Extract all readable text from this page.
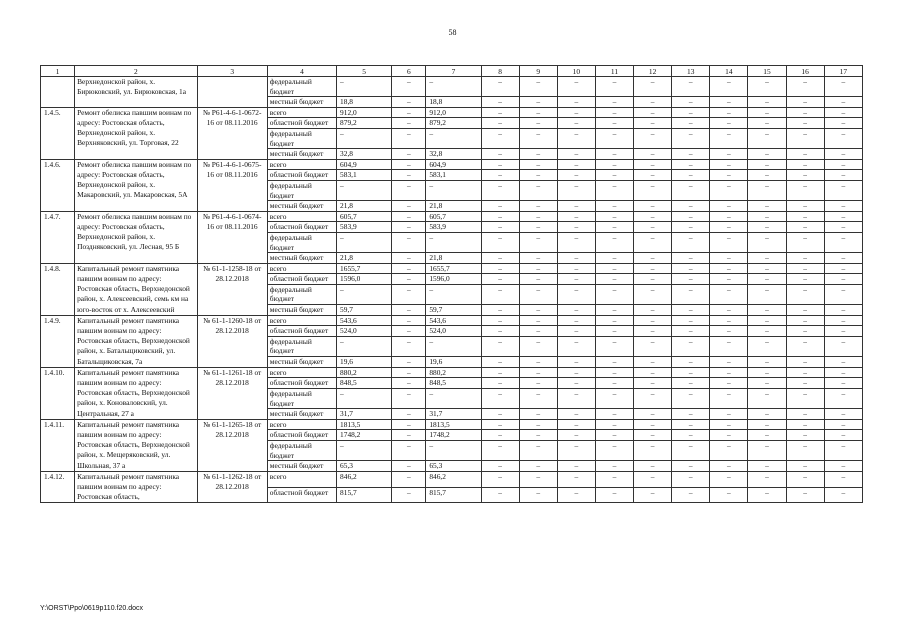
58
1	2	3	4	5	6	7	8	9	10	11	12	13	14	15	16	17
	Верхнедонской район, х. Бирюковский, ул. Бирюковская, 1а		федеральный бюджет	–	–	–	–	–	–	–	–	–	–	–	–	–
			местный бюджет	18,8	–	18,8	–	–	–	–	–	–	–	–	–	–
1.4.5.	Ремонт обелиска павшим воинам по адресу: Ростовская область, Верхнедонской район, х. Верхняковский, ул. Торговая, 22	№ Р61-4-6-1-0672-16 от 08.11.2016	всего	912,0	–	912,0	–	–	–	–	–	–	–	–	–	–
			областной бюджет	879,2	–	879,2	–	–	–	–	–	–	–	–	–	–
			федеральный бюджет	–	–	–	–	–	–	–	–	–	–	–	–	–
			местный бюджет	32,8	–	32,8	–	–	–	–	–	–	–	–	–	–
1.4.6.	Ремонт обелиска павшим воинам по адресу: Ростовская область, Верхнедонской район, х. Макаровский, ул. Макаровская, 5А	№ Р61-4-6-1-0675-16 от 08.11.2016	всего	604,9	–	604,9	–	–	–	–	–	–	–	–	–	–
			областной бюджет	583,1	–	583,1	–	–	–	–	–	–	–	–	–	–
			федеральный бюджет	–	–	–	–	–	–	–	–	–	–	–	–	–
			местный бюджет	21,8	–	21,8	–	–	–	–	–	–	–	–	–	–
1.4.7.	Ремонт обелиска павшим воинам по адресу: Ростовская область, Верхнедонской район, х. Поздняковский, ул. Лесная, 95 Б	№ Р61-4-6-1-0674-16 от 08.11.2016	всего	605,7	–	605,7	–	–	–	–	–	–	–	–	–	–
			областной бюджет	583,9	–	583,9	–	–	–	–	–	–	–	–	–	–
			федеральный бюджет	–	–	–	–	–	–	–	–	–	–	–	–	–
			местный бюджет	21,8	–	21,8	–	–	–	–	–	–	–	–	–	–
1.4.8.	Капитальный ремонт памятника павшим воинам по адресу: Ростовская область, Верхнедонской район, х. Алексеевский, семь км на юго-восток от х. Алексеевский	№ 61-1-1258-18 от 28.12.2018	всего	1655,7	–	1655,7	–	–	–	–	–	–	–	–	–	–
			областной бюджет	1596,0	–	1596,0	–	–	–	–	–	–	–	–	–	–
			федеральный бюджет	–	–	–	–	–	–	–	–	–	–	–	–	–
			местный бюджет	59,7	–	59,7	–	–	–	–	–	–	–	–	–	–
1.4.9.	Капитальный ремонт памятника павшим воинам по адресу: Ростовская область, Верхнедонской район, х. Батальщиковский, ул. Батальщиковская, 7а	№ 61-1-1260-18 от 28.12.2018	всего	543,6	–	543,6	–	–	–	–	–	–	–	–	–	–
			областной бюджет	524,0	–	524,0	–	–	–	–	–	–	–	–	–	–
			федеральный бюджет	–	–	–	–	–	–	–	–	–	–	–	–	–
			местный бюджет	19,6	–	19,6	–	–	–	–	–	–	–	–	–	–
1.4.10.	Капитальный ремонт памятника павшим воинам по адресу: Ростовская область, Верхнедонской район, х. Коноваловский, ул. Центральная, 27 а	№ 61-1-1261-18 от 28.12.2018	всего	880,2	–	880,2	–	–	–	–	–	–	–	–	–	–
			областной бюджет	848,5	–	848,5	–	–	–	–	–	–	–	–	–	–
			федеральный бюджет	–	–	–	–	–	–	–	–	–	–	–	–	–
			местный бюджет	31,7	–	31,7	–	–	–	–	–	–	–	–	–	–
1.4.11.	Капитальный ремонт памятника павшим воинам по адресу: Ростовская область, Верхнедонской район, х. Мещеряковский, ул. Школьная, 37 а	№ 61-1-1265-18 от 28.12.2018	всего	1813,5	–	1813,5	–	–	–	–	–	–	–	–	–	–
			областной бюджет	1748,2	–	1748,2	–	–	–	–	–	–	–	–	–	–
			федеральный бюджет	–	–	–	–	–	–	–	–	–	–	–	–	–
			местный бюджет	65,3	–	65,3	–	–	–	–	–	–	–	–	–	–
1.4.12.	Капитальный ремонт памятника павшим воинам по адресу: Ростовская область,	№ 61-1-1262-18 от 28.12.2018	всего	846,2	–	846,2	–	–	–	–	–	–	–	–	–	–
			областной бюджет	815,7	–	815,7	–	–	–	–	–	–	–	–	–	–
Y:\ORST\Ppo\0619p110.f20.docx
